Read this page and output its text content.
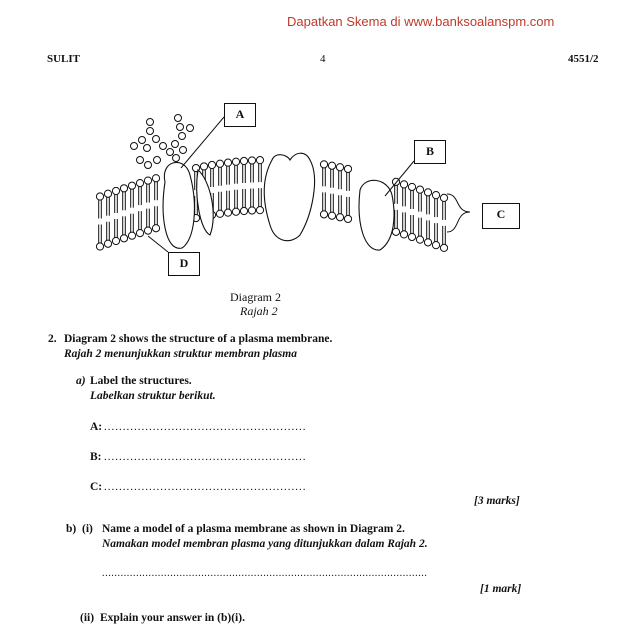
Dapatkan Skema di www.banksoalanspm.com
SULIT	4	4551/2
A
B
C
D
Diagram 2
Rajah 2
2. Diagram 2 shows the structure of a plasma membrane.
Rajah 2 menunjukkan struktur membran plasma
a) Label the structures.
Labelkan struktur berikut.
A: ......................................................
B: ......................................................
C: ......................................................
[3 marks]
b) (i) Name a model of a plasma membrane as shown in Diagram 2.
Namakan model membran plasma yang ditunjukkan dalam Rajah 2.
.........................................................................................................
[1 mark]
(ii) Explain your answer in (b)(i).
